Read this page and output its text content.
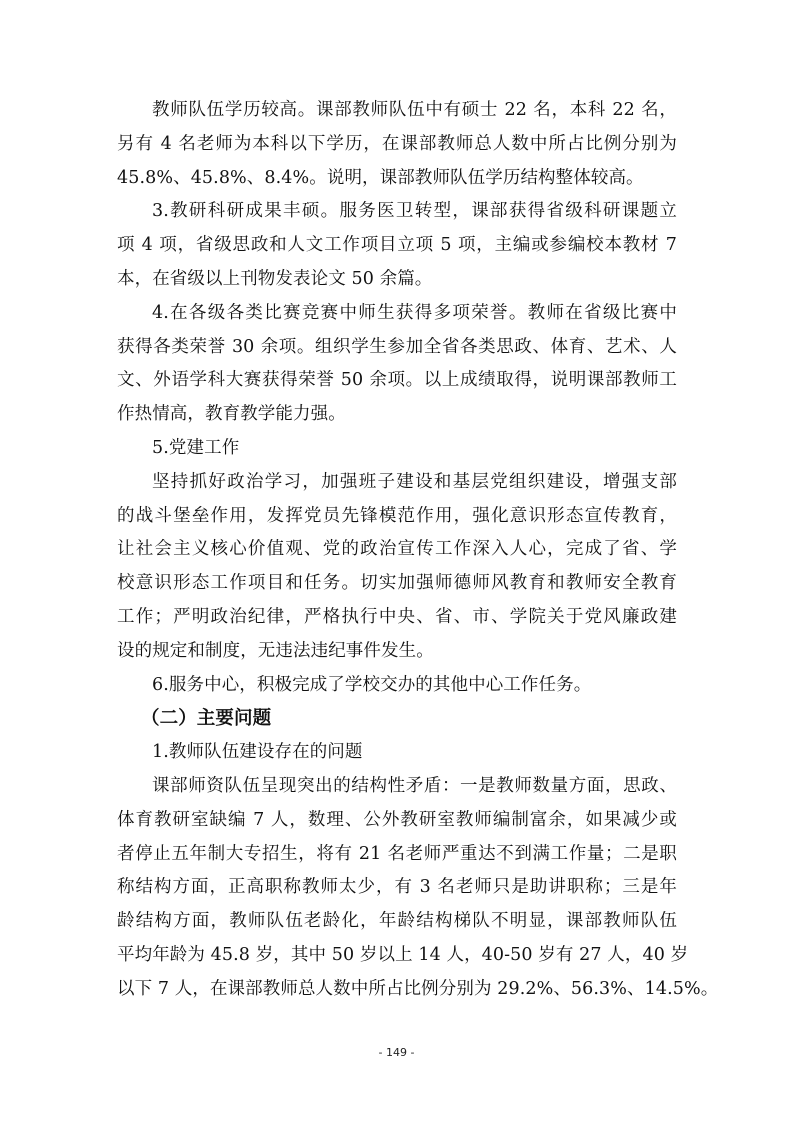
教师队伍学历较高。课部教师队伍中有硕士 22 名，本科 22 名，
另有 4 名老师为本科以下学历，在课部教师总人数中所占比例分别为
45.8%、45.8%、8.4%。说明，课部教师队伍学历结构整体较高。
3.教研科研成果丰硕。服务医卫转型，课部获得省级科研课题立
项 4 项，省级思政和人文工作项目立项 5 项，主编或参编校本教材 7
本，在省级以上刊物发表论文 50 余篇。
4.在各级各类比赛竞赛中师生获得多项荣誉。教师在省级比赛中
获得各类荣誉 30 余项。组织学生参加全省各类思政、体育、艺术、人
文、外语学科大赛获得荣誉 50 余项。以上成绩取得，说明课部教师工
作热情高，教育教学能力强。
5.党建工作
坚持抓好政治学习，加强班子建设和基层党组织建设，增强支部
的战斗堡垒作用，发挥党员先锋模范作用，强化意识形态宣传教育，
让社会主义核心价值观、党的政治宣传工作深入人心，完成了省、学
校意识形态工作项目和任务。切实加强师德师风教育和教师安全教育
工作；严明政治纪律，严格执行中央、省、市、学院关于党风廉政建
设的规定和制度，无违法违纪事件发生。
6.服务中心，积极完成了学校交办的其他中心工作任务。
（二）主要问题
1.教师队伍建设存在的问题
课部师资队伍呈现突出的结构性矛盾：一是教师数量方面，思政、
体育教研室缺编 7 人，数理、公外教研室教师编制富余，如果减少或
者停止五年制大专招生，将有 21 名老师严重达不到满工作量；二是职
称结构方面，正高职称教师太少，有 3 名老师只是助讲职称；三是年
龄结构方面，教师队伍老龄化，年龄结构梯队不明显，课部教师队伍
平均年龄为 45.8 岁，其中 50 岁以上 14 人，40-50 岁有 27 人，40 岁
以下 7 人，在课部教师总人数中所占比例分别为 29.2%、56.3%、14.5%。
- 149 -
